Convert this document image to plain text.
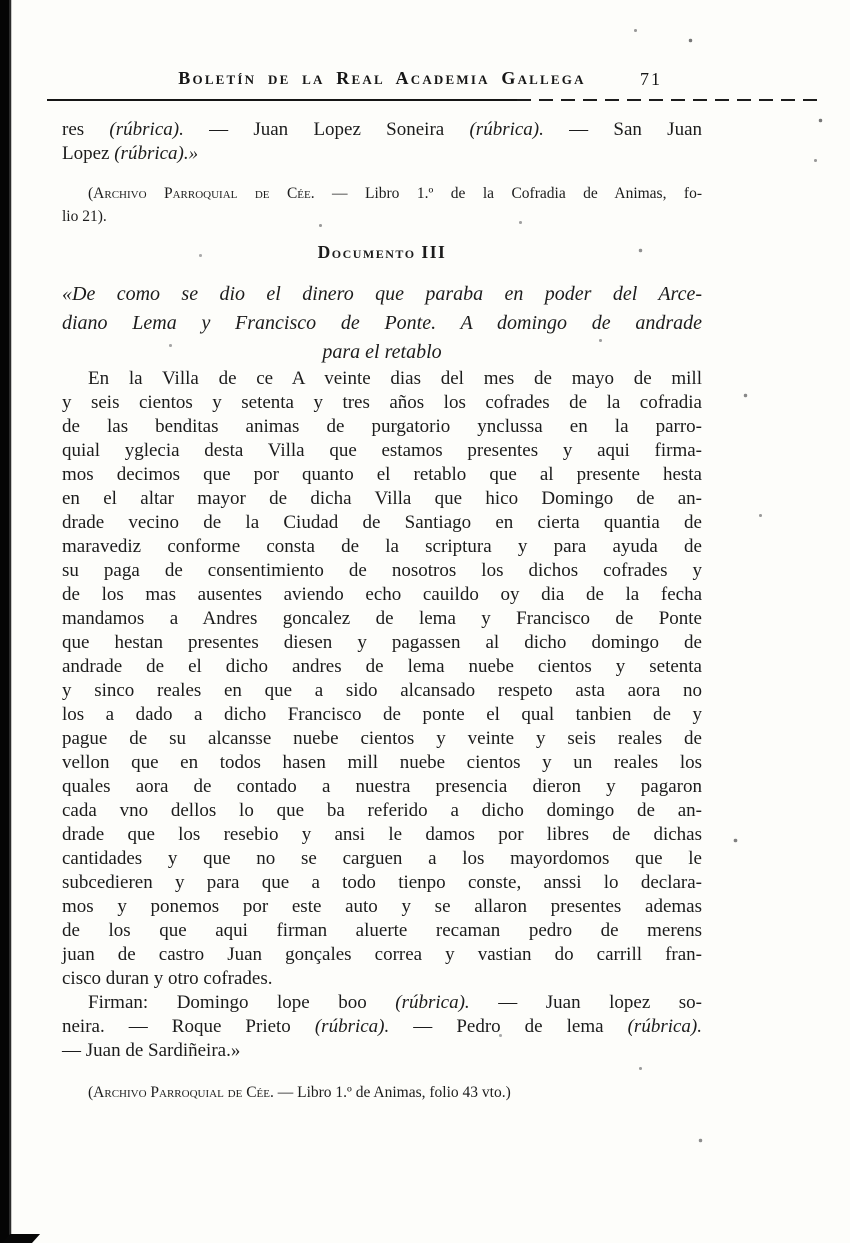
Boletín de la Real Academia Gallega	71
res (rúbrica). — Juan Lopez Soneira (rúbrica). — San Juan
Lopez (rúbrica).»
(Archivo Parroquial de Cée. — Libro 1.º de la Cofradia de Animas, fo-
lio 21).
Documento III
«De como se dio el dinero que paraba en poder del Arce-
diano Lema y Francisco de Ponte. A domingo de andrade
para el retablo
En la Villa de ce A veinte dias del mes de mayo de mill
y seis cientos y setenta y tres años los cofrades de la cofradia
de las benditas animas de purgatorio ynclussa en la parro-
quial yglecia desta Villa que estamos presentes y aqui firma-
mos decimos que por quanto el retablo que al presente hesta
en el altar mayor de dicha Villa que hico Domingo de an-
drade vecino de la Ciudad de Santiago en cierta quantia de
maravediz conforme consta de la scriptura y para ayuda de
su paga de consentimiento de nosotros los dichos cofrades y
de los mas ausentes aviendo echo cauildo oy dia de la fecha
mandamos a Andres goncalez de lema y Francisco de Ponte
que hestan presentes diesen y pagassen al dicho domingo de
andrade de el dicho andres de lema nuebe cientos y setenta
y sinco reales en que a sido alcansado respeto asta aora no
los a dado a dicho Francisco de ponte el qual tanbien de y
pague de su alcansse nuebe cientos y veinte y seis reales de
vellon que en todos hasen mill nuebe cientos y un reales los
quales aora de contado a nuestra presencia dieron y pagaron
cada vno dellos lo que ba referido a dicho domingo de an-
drade que los resebio y ansi le damos por libres de dichas
cantidades y que no se carguen a los mayordomos que le
subcedieren y para que a todo tienpo conste, anssi lo declara-
mos y ponemos por este auto y se allaron presentes ademas
de los que aqui firman aluerte recaman pedro de merens
juan de castro Juan gonçales correa y vastian do carrill fran-
cisco duran y otro cofrades.
Firman: Domingo lope boo (rúbrica). — Juan lopez so-
neira. — Roque Prieto (rúbrica). — Pedro de lema (rúbrica).
— Juan de Sardiñeira.»
(Archivo Parroquial de Cée. — Libro 1.º de Animas, folio 43 vto.)
